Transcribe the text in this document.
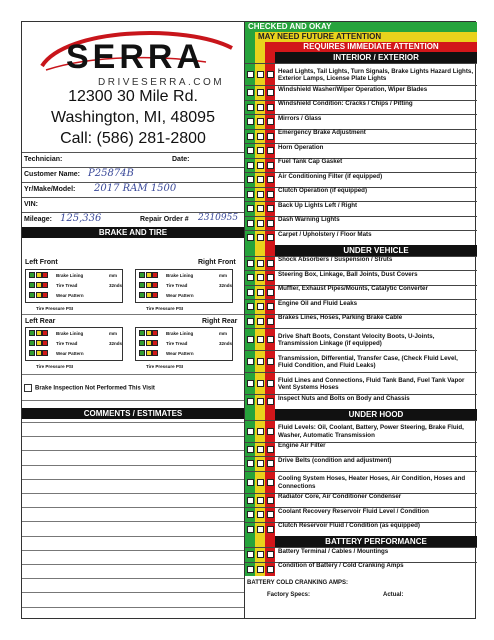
SERRA
DRIVESERRA.COM
12300 30 Mile Rd.
Washington, MI, 48095
Call: (586) 281-2800
Technician:	Date:
Customer Name: P25874B
Yr/Make/Model: 2017 RAM 1500
VIN:
Mileage: 125,336	Repair Order # 2310955
BRAKE AND TIRE
Left Front	Right Front
Brake Lining	mm
Tire Tread	32nds
Wear Pattern
Brake Lining	mm
Tire Tread	32nds
Wear Pattern
Tire Pressure PSI	Tire Pressure PSI
Left Rear	Right Rear
Brake Lining	mm
Tire Tread	32nds
Wear Pattern
Brake Lining	mm
Tire Tread	32nds
Wear Pattern
Tire Pressure PSI	Tire Pressure PSI
Brake Inspection Not Performed This Visit
COMMENTS / ESTIMATES
CHECKED AND OKAY
MAY NEED FUTURE ATTENTION
REQUIRES IMMEDIATE ATTENTION
INTERIOR / EXTERIOR
Head Lights, Tail Lights, Turn Signals, Brake Lights Hazard Lights, Exterior Lamps, License Plate Lights
Windshield Washer/Wiper Operation, Wiper Blades
Windshield Condition: Cracks / Chips / Pitting
Mirrors / Glass
Emergency Brake Adjustment
Horn Operation
Fuel Tank Cap Gasket
Air Conditioning Filter (if equipped)
Clutch Operation (if equipped)
Back Up Lights Left / Right
Dash Warning Lights
Carpet / Upholstery / Floor Mats
UNDER VEHICLE
Shock Absorbers / Suspension / Struts
Steering Box, Linkage, Ball Joints, Dust Covers
Muffler, Exhaust Pipes/Mounts, Catalytic Converter
Engine Oil and Fluid Leaks
Brakes Lines, Hoses, Parking Brake Cable
Drive Shaft Boots, Constant Velocity Boots, U-Joints, Transmission Linkage (if equipped)
Transmission, Differential, Transfer Case, (Check Fluid Level, Fluid Condition, and Fluid Leaks)
Fluid Lines and Connections, Fluid Tank Band, Fuel Tank Vapor Vent Systems Hoses
Inspect Nuts and Bolts on Body and Chassis
UNDER HOOD
Fluid Levels: Oil, Coolant, Battery, Power Steering, Brake Fluid, Washer, Automatic Transmission
Engine Air Filter
Drive Belts (condition and adjustment)
Cooling System Hoses, Heater Hoses, Air Condition, Hoses and Connections
Radiator Core, Air Conditioner Condenser
Coolant Recovery Reservoir Fluid Level / Condition
Clutch Reservoir Fluid / Condition (as equipped)
BATTERY PERFORMANCE
Battery Terminal / Cables / Mountings
Condition of Battery / Cold Cranking Amps
BATTERY COLD CRANKING AMPS:
Factory Specs:	Actual:
